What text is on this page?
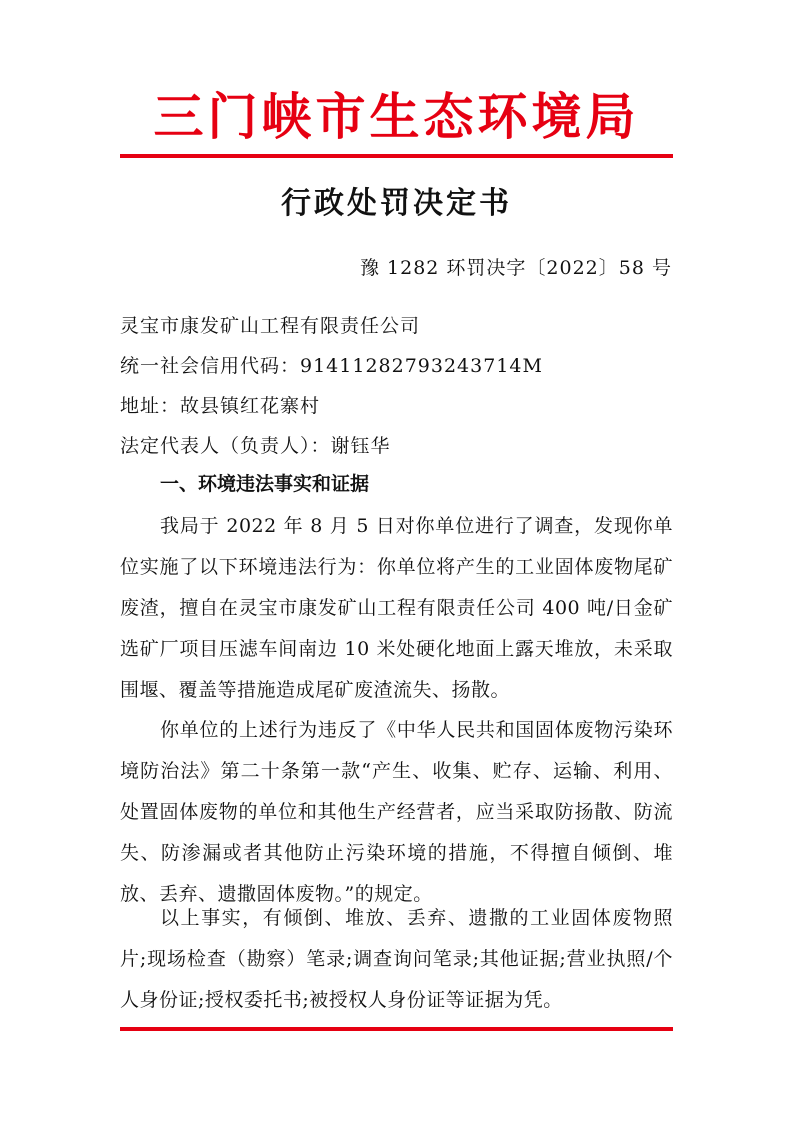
三门峡市生态环境局
行政处罚决定书
豫 1282 环罚决字〔2022〕58 号
灵宝市康发矿山工程有限责任公司
统一社会信用代码：91411282793243714M
地址：故县镇红花寨村
法定代表人（负责人）：谢钰华
一、环境违法事实和证据

我局于 2022 年 8 月 5 日对你单位进行了调查，发现你单位实施了以下环境违法行为：你单位将产生的工业固体废物尾矿废渣，擅自在灵宝市康发矿山工程有限责任公司 400 吨/日金矿选矿厂项目压滤车间南边 10 米处硬化地面上露天堆放，未采取围堰、覆盖等措施造成尾矿废渣流失、扬散。

你单位的上述行为违反了《中华人民共和国固体废物污染环境防治法》第二十条第一款“产生、收集、贮存、运输、利用、处置固体废物的单位和其他生产经营者，应当采取防扬散、防流失、防渗漏或者其他防止污染环境的措施，不得擅自倾倒、堆放、丢弃、遗撒固体废物。”的规定。

以上事实，有倾倒、堆放、丢弃、遗撒的工业固体废物照片;现场检查（勘察）笔录;调查询问笔录;其他证据;营业执照/个人身份证;授权委托书;被授权人身份证等证据为凭。
